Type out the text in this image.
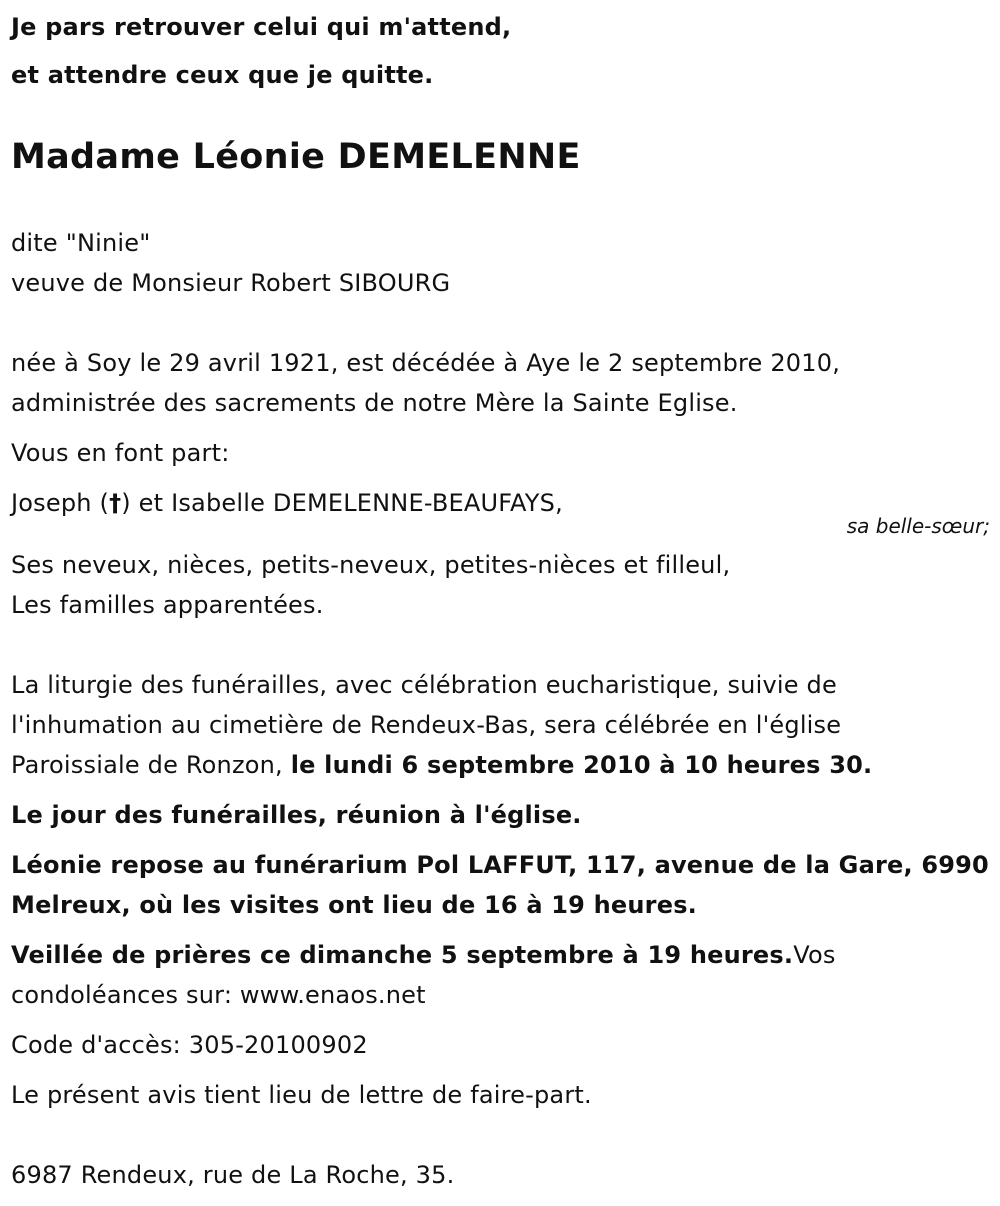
Je pars retrouver celui qui m'attend,
et attendre ceux que je quitte.
Madame Léonie DEMELENNE
dite "Ninie"
veuve de Monsieur Robert SIBOURG
née à Soy le 29 avril 1921, est décédée à Aye le 2 septembre 2010,
administrée des sacrements de notre Mère la Sainte Eglise.
Vous en font part:
Joseph (†) et Isabelle DEMELENNE-BEAUFAYS,
sa belle-sœur;
Ses neveux, nièces, petits-neveux, petites-nièces et filleul,
Les familles apparentées.
La liturgie des funérailles, avec célébration eucharistique, suivie de
l'inhumation au cimetière de Rendeux-Bas, sera célébrée en l'église
Paroissiale de Ronzon, le lundi 6 septembre 2010 à 10 heures 30.
Le jour des funérailles, réunion à l'église.
Léonie repose au funérarium Pol LAFFUT, 117, avenue de la Gare, 6990
Melreux, où les visites ont lieu de 16 à 19 heures.
Veillée de prières ce dimanche 5 septembre à 19 heures.Vos
condoléances sur: www.enaos.net
Code d'accès: 305-20100902
Le présent avis tient lieu de lettre de faire-part.
6987 Rendeux, rue de La Roche, 35.
